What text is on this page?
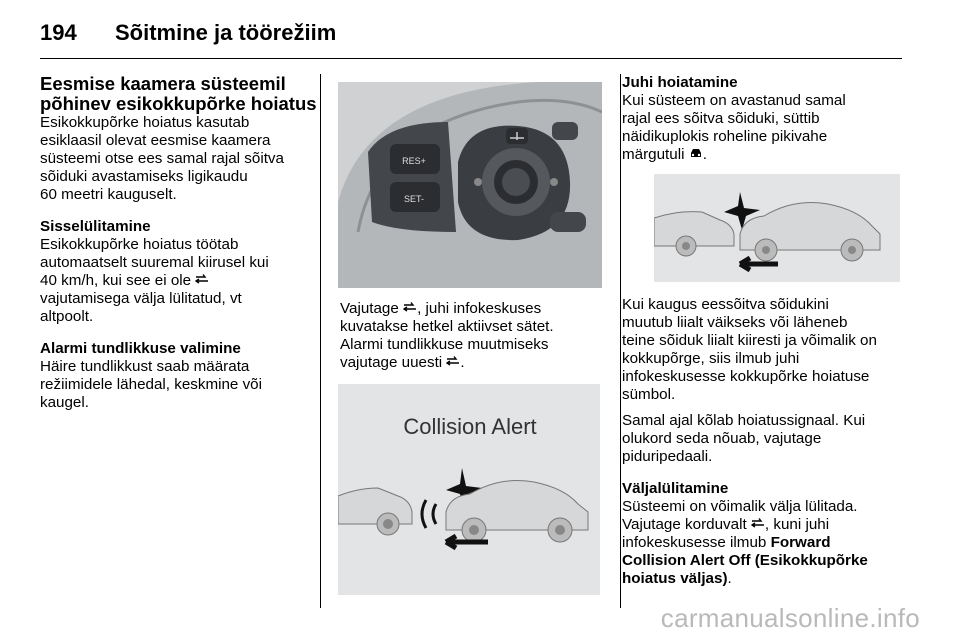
194	Sõitmine ja töörežiim
Eesmise kaamera süsteemil
põhinev esikokkupõrke hoiatus
Esikokkupõrke hoiatus kasutab
esiklaasil olevat eesmise kaamera
süsteemi otse ees samal rajal sõitva
sõiduki avastamiseks ligikaudu
60 meetri kauguselt.
Sisselülitamine
Esikokkupõrke hoiatus töötab
automaatselt suuremal kiirusel kui
40 km/h, kui see ei ole
vajutamisega välja lülitatud, vt
altpoolt.
Alarmi tundlikkuse valimine
Häire tundlikkust saab määrata
režiimidele lähedal, keskmine või
kaugel.
RES+
SET-
Vajutage , juhi infokeskuses
kuvatakse hetkel aktiivset sätet.
Alarmi tundlikkuse muutmiseks
vajutage uuesti .
Collision Alert
Juhi hoiatamine
Kui süsteem on avastanud samal
rajal ees sõitva sõiduki, süttib
näidikuplokis roheline pikivahe
märgutuli .
Kui kaugus eessõitva sõidukini
muutub liialt väikseks või läheneb
teine sõiduk liialt kiiresti ja võimalik on
kokkupõrge, siis ilmub juhi
infokeskusesse kokkupõrke hoiatuse
sümbol.
Samal ajal kõlab hoiatussignaal. Kui
olukord seda nõuab, vajutage
piduripedaali.
Väljalülitamine
Süsteemi on võimalik välja lülitada.
Vajutage korduvalt , kuni juhi
infokeskusesse ilmub Forward
Collision Alert Off (Esikokkupõrke
hoiatus väljas).
carmanualsonline.info
